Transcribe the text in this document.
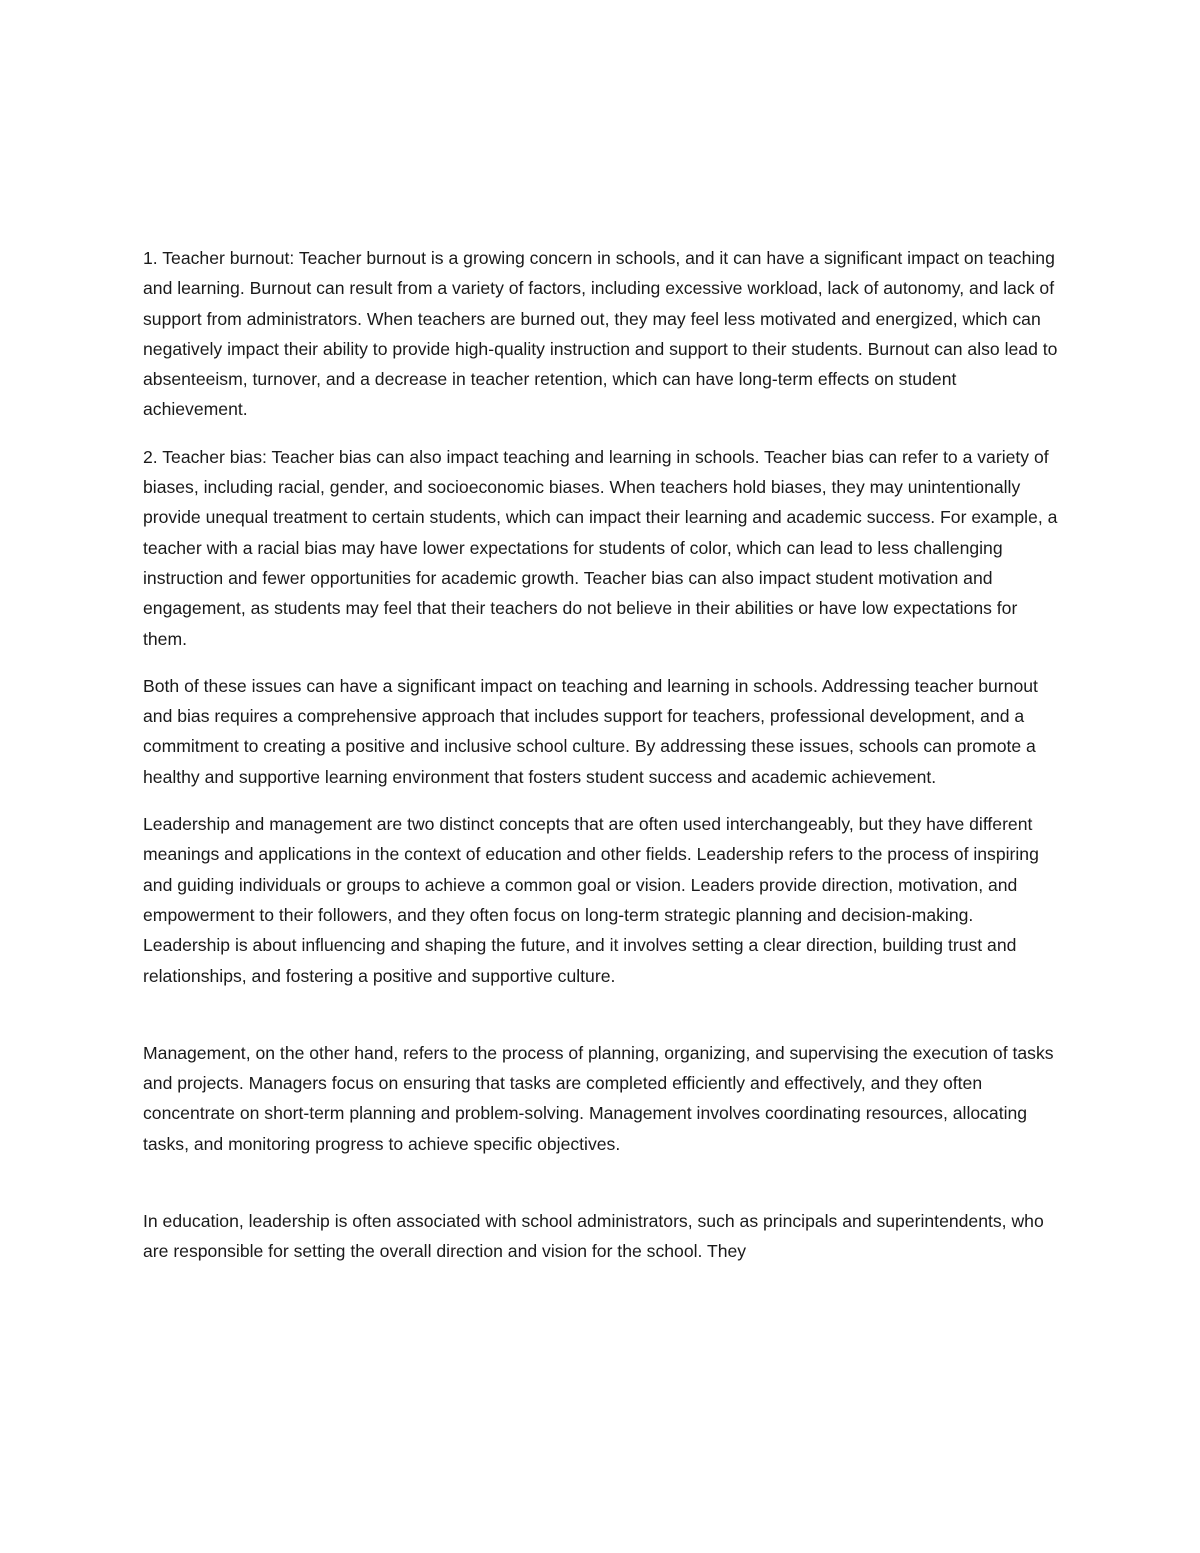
1. Teacher burnout: Teacher burnout is a growing concern in schools, and it can have a significant impact on teaching and learning. Burnout can result from a variety of factors, including excessive workload, lack of autonomy, and lack of support from administrators. When teachers are burned out, they may feel less motivated and energized, which can negatively impact their ability to provide high-quality instruction and support to their students. Burnout can also lead to absenteeism, turnover, and a decrease in teacher retention, which can have long-term effects on student achievement.

2. Teacher bias: Teacher bias can also impact teaching and learning in schools. Teacher bias can refer to a variety of biases, including racial, gender, and socioeconomic biases. When teachers hold biases, they may unintentionally provide unequal treatment to certain students, which can impact their learning and academic success. For example, a teacher with a racial bias may have lower expectations for students of color, which can lead to less challenging instruction and fewer opportunities for academic growth. Teacher bias can also impact student motivation and engagement, as students may feel that their teachers do not believe in their abilities or have low expectations for them.

Both of these issues can have a significant impact on teaching and learning in schools. Addressing teacher burnout and bias requires a comprehensive approach that includes support for teachers, professional development, and a commitment to creating a positive and inclusive school culture. By addressing these issues, schools can promote a healthy and supportive learning environment that fosters student success and academic achievement.

Leadership and management are two distinct concepts that are often used interchangeably, but they have different meanings and applications in the context of education and other fields. Leadership refers to the process of inspiring and guiding individuals or groups to achieve a common goal or vision. Leaders provide direction, motivation, and empowerment to their followers, and they often focus on long-term strategic planning and decision-making. Leadership is about influencing and shaping the future, and it involves setting a clear direction, building trust and relationships, and fostering a positive and supportive culture.

Management, on the other hand, refers to the process of planning, organizing, and supervising the execution of tasks and projects. Managers focus on ensuring that tasks are completed efficiently and effectively, and they often concentrate on short-term planning and problem-solving. Management involves coordinating resources, allocating tasks, and monitoring progress to achieve specific objectives.

In education, leadership is often associated with school administrators, such as principals and superintendents, who are responsible for setting the overall direction and vision for the school. They
